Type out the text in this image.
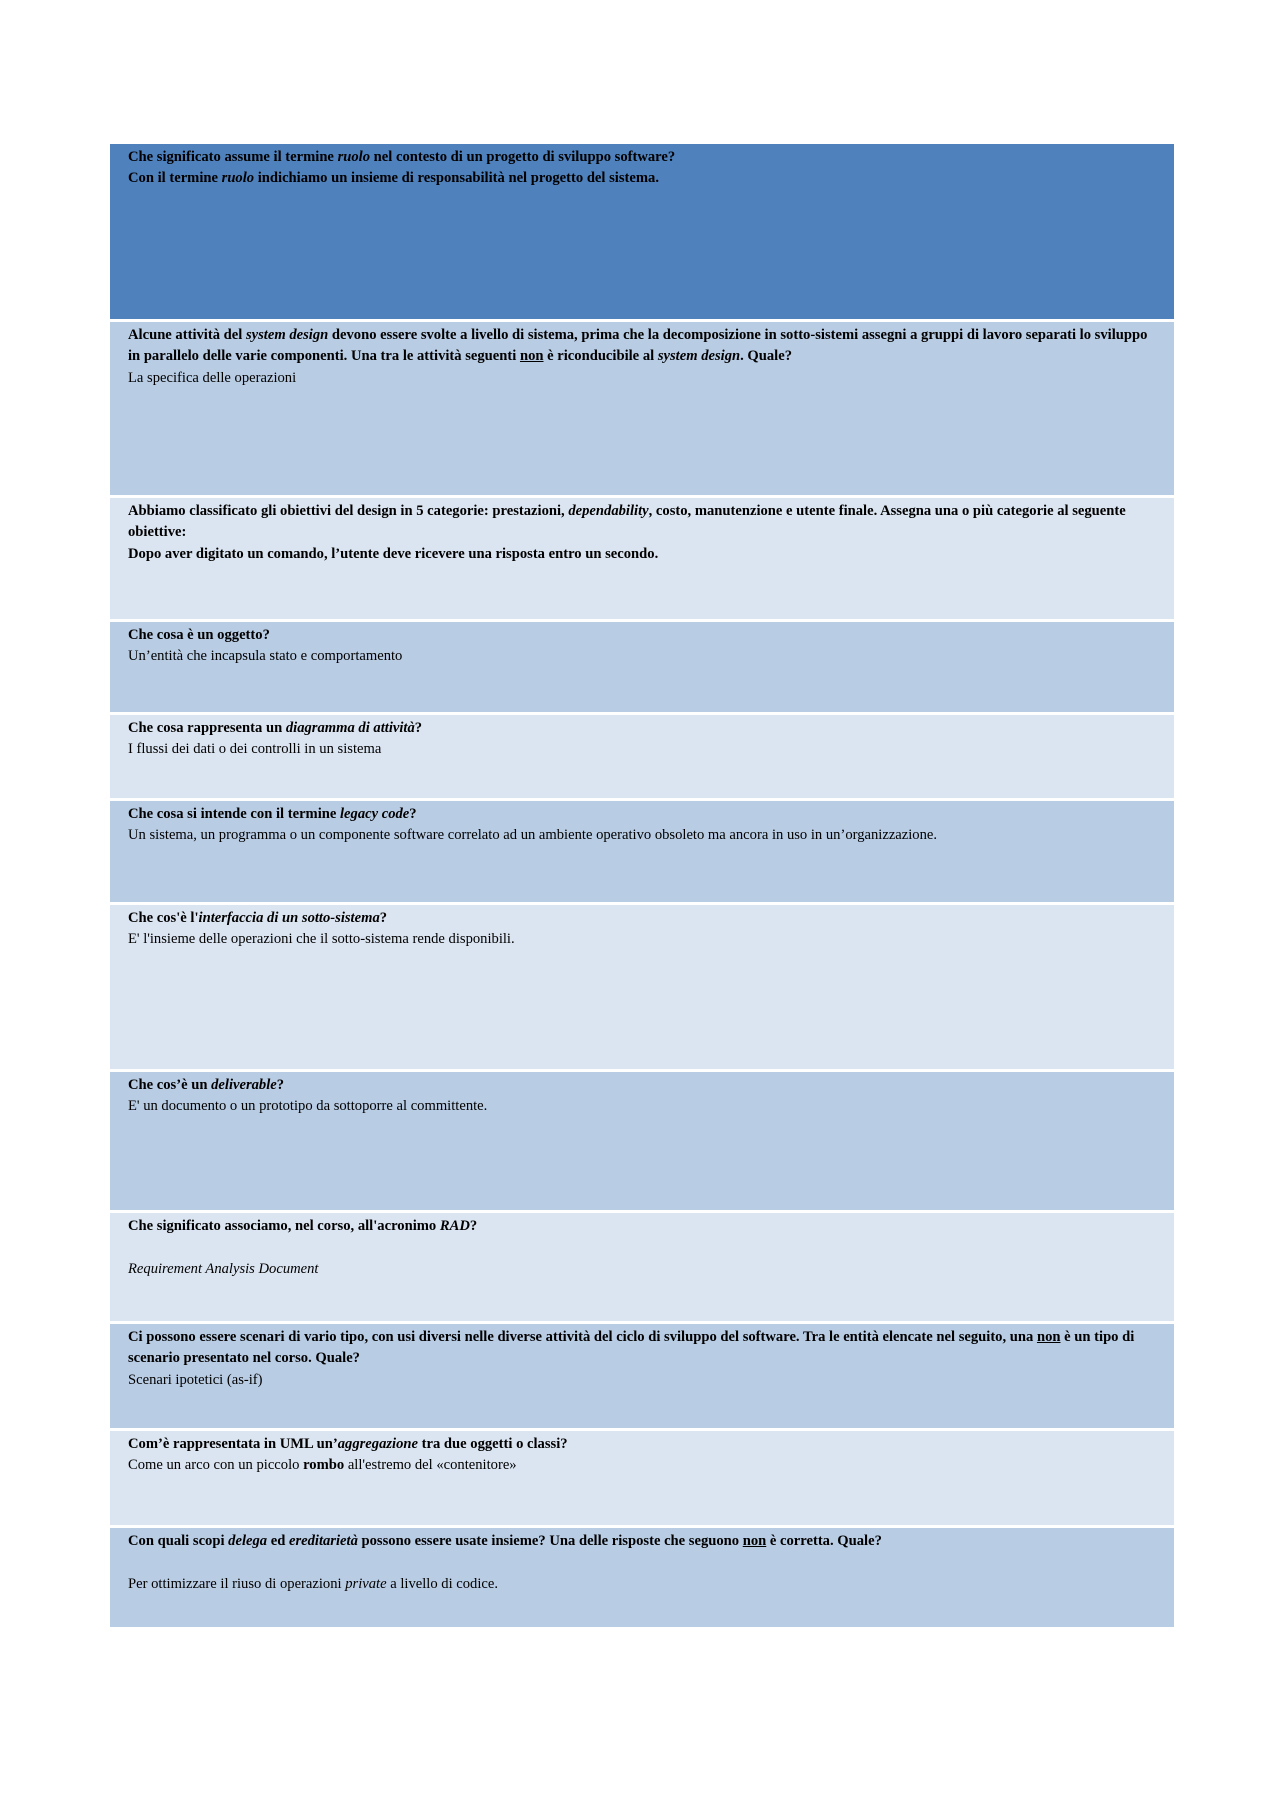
Che significato assume il termine ruolo nel contesto di un progetto di sviluppo software?
Con il termine ruolo indichiamo un insieme di responsabilità nel progetto del sistema.
Alcune attività del system design devono essere svolte a livello di sistema, prima che la decomposizione in sotto-sistemi assegni a gruppi di lavoro separati lo sviluppo in parallelo delle varie componenti. Una tra le attività seguenti non è riconducibile al system design. Quale?
La specifica delle operazioni
Abbiamo classificato gli obiettivi del design in 5 categorie: prestazioni, dependability, costo, manutenzione e utente finale. Assegna una o più categorie al seguente obiettive:
Dopo aver digitato un comando, l’utente deve ricevere una risposta entro un secondo.
Che cosa è un oggetto?
Un’entità che incapsula stato e comportamento
Che cosa rappresenta un diagramma di attività?
I flussi dei dati o dei controlli in un sistema
Che cosa si intende con il termine legacy code?
Un sistema, un programma o un componente software correlato ad un ambiente operativo obsoleto ma ancora in uso in un’organizzazione.
Che cos'è l'interfaccia di un sotto-sistema?
E' l'insieme delle operazioni che il sotto-sistema rende disponibili.
Che cos’è un deliverable?
E' un documento o un prototipo da sottoporre al committente.
Che significato associamo, nel corso, all'acronimo RAD?
Requirement Analysis Document
Ci possono essere scenari di vario tipo, con usi diversi nelle diverse attività del ciclo di sviluppo del software. Tra le entità elencate nel seguito, una non è un tipo di scenario presentato nel corso. Quale?
Scenari ipotetici (as-if)
Com’è rappresentata in UML un’aggregazione tra due oggetti o classi?
Come un arco con un piccolo rombo all'estremo del «contenitore»
Con quali scopi delega ed ereditarietà possono essere usate insieme? Una delle risposte che seguono non è corretta. Quale?
Per ottimizzare il riuso di operazioni private a livello di codice.
